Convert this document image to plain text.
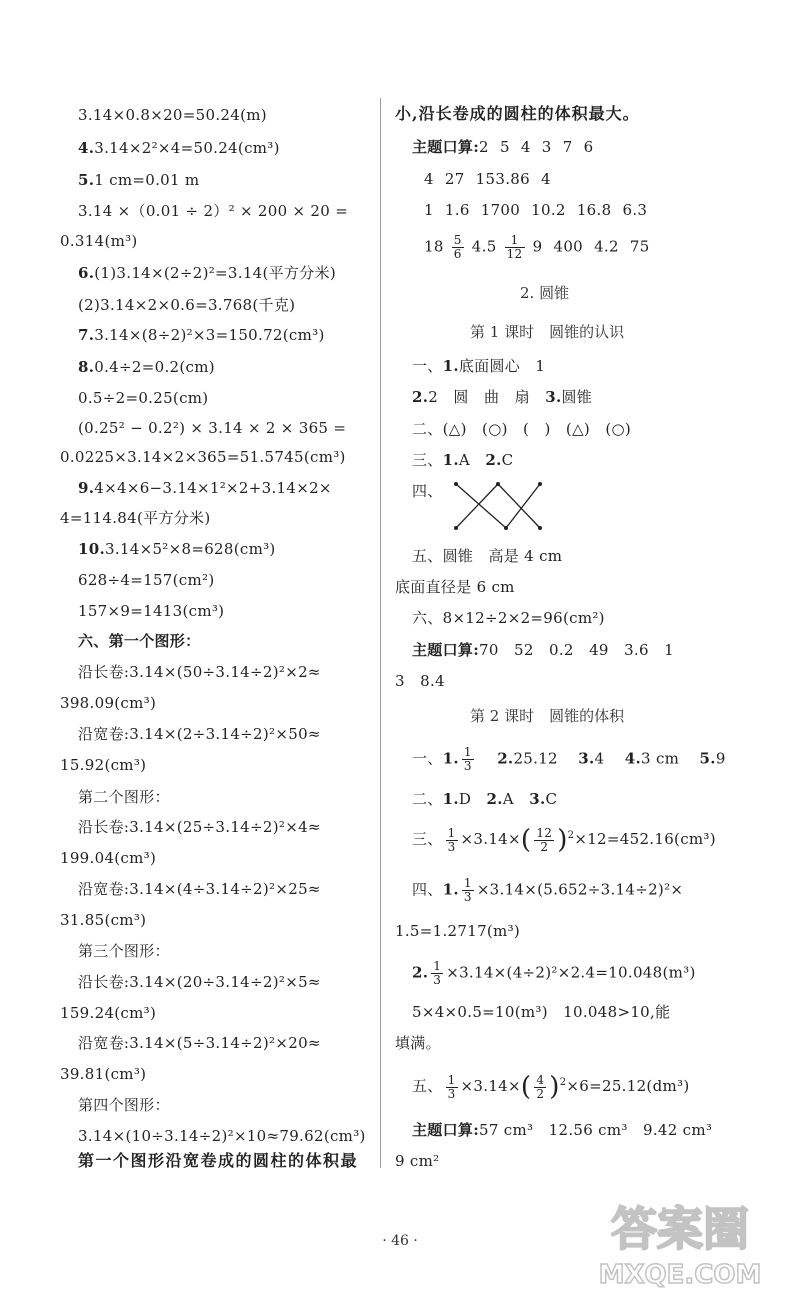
3.14×0.8×20=50.24(m)
4.3.14×2²×4=50.24(cm³)
5.1 cm=0.01 m
3.14 ×（0.01 ÷ 2）² × 200 × 20 =
0.314(m³)
6.(1)3.14×(2÷2)²=3.14(平方分米)
(2)3.14×2×0.6=3.768(千克)
7.3.14×(8÷2)²×3=150.72(cm³)
8.0.4÷2=0.2(cm)
0.5÷2=0.25(cm)
(0.25² − 0.2²) × 3.14 × 2 × 365 =
0.0225×3.14×2×365=51.5745(cm³)
9.4×4×6−3.14×1²×2+3.14×2×
4=114.84(平方分米)
10.3.14×5²×8=628(cm³)
628÷4=157(cm²)
157×9=1413(cm³)
六、第一个图形：
沿长卷:3.14×(50÷3.14÷2)²×2≈
398.09(cm³)
沿宽卷:3.14×(2÷3.14÷2)²×50≈
15.92(cm³)
第二个图形：
沿长卷:3.14×(25÷3.14÷2)²×4≈
199.04(cm³)
沿宽卷:3.14×(4÷3.14÷2)²×25≈
31.85(cm³)
第三个图形：
沿长卷:3.14×(20÷3.14÷2)²×5≈
159.24(cm³)
沿宽卷:3.14×(5÷3.14÷2)²×20≈
39.81(cm³)
第四个图形：
3.14×(10÷3.14÷2)²×10≈79.62(cm³)
第一个图形沿宽卷成的圆柱的体积最
小,沿长卷成的圆柱的体积最大。
主题口算:2 5 4 3 7 6
4 27 153.86 4
1 1.6 1700 10.2 16.8 6.3
$18 \frac{5}{6} 4.5 \frac{1}{12} 9$ 400 4.2 75
2. 圆锥
第 1 课时　圆锥的认识
一、1.底面圆心　1
2.2　圆　曲　扇　 3.圆锥
二、(△)　(○)　(　)　(△)　(○)
三、1.A　 2.C
四、
五、圆锥　高是 4 cm
底面直径是 6 cm
六、8×12÷2×2=96(cm²)
主题口算:70　52　0.2　49　3.6　1
3　8.4
第 2 课时　圆锥的体积
一、1. $\frac{1}{3}$
　 2.25.12 　 3.4 　 4.3 cm 　 5.9
二、1.D　 2.A　 3.C
三、 $\frac{1}{3} \times 3.14\times( \frac{12}{2} )^2\times 12=452.16(cm^3)$
四、1. $\frac{1}{3} \times 3.14\times(5.652\div 3.14\div 2)^2\times$
1.5=1.2717(m³)
2. $\frac{1}{3} \times 3.14\times(4\div 2)^2\times 2.4=10.048(m^3)$
5×4×0.5=10(m³)　10.048>10,能
填满。
五、 $\frac{1}{3} \times 3.14\times( \frac{4}{2} )^2\times 6=25.12(dm^3)$
主题口算:57 cm³　12.56 cm³　9.42 cm³
9 cm²
· 46 ·	答案圈
MXQE.COM
